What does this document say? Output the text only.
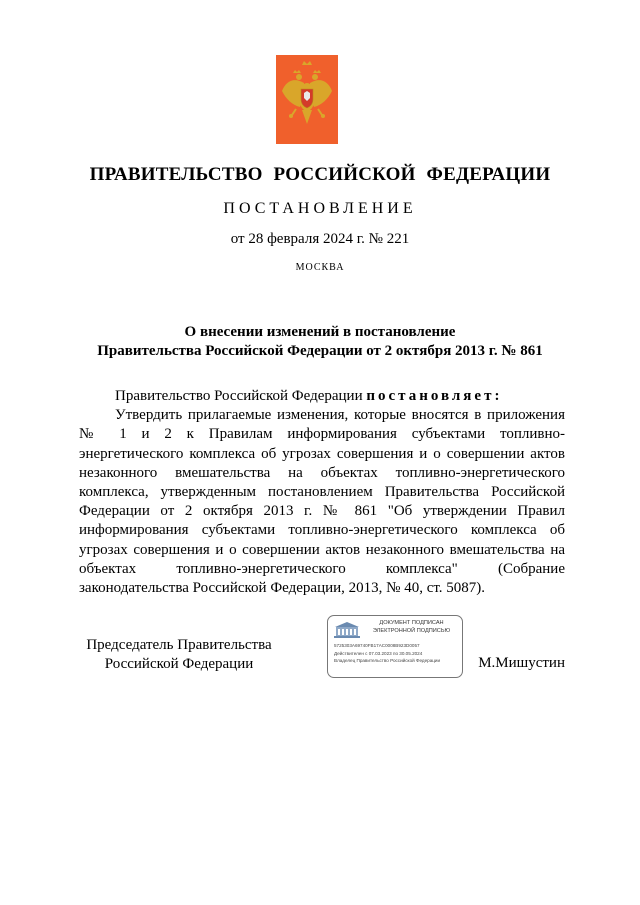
ПРАВИТЕЛЬСТВО РОССИЙСКОЙ ФЕДЕРАЦИИ
ПОСТАНОВЛЕНИЕ
от 28 февраля 2024 г. № 221
МОСКВА
О внесении изменений в постановление
Правительства Российской Федерации от 2 октября 2013 г. № 861

Правительство Российской Федерации постановляет:

Утвердить прилагаемые изменения, которые вносятся в приложения № 1 и 2 к Правилам информирования субъектами топливно-энергетического комплекса об угрозах совершения и о совершении актов незаконного вмешательства на объектах топливно-энергетического комплекса, утвержденным постановлением Правительства Российской Федерации от 2 октября 2013 г. № 861 "Об утверждении Правил информирования субъектами топливно-энергетического комплекса об угрозах совершения и о совершении актов незаконного вмешательства на объектах топливно-энергетического комплекса" (Собрание законодательства Российской Федерации, 2013, № 40, ст. 5087).

Председатель Правительства
Российской Федерации
ДОКУМЕНТ ПОДПИСАН
ЭЛЕКТРОННОЙ ПОДПИСЬЮ
5725303A69740FB17AC0008B923D0057
Действителен с 07.03.2023 по 30.05.2024
Владелец Правительство Российской Федерации	М.Мишустин
